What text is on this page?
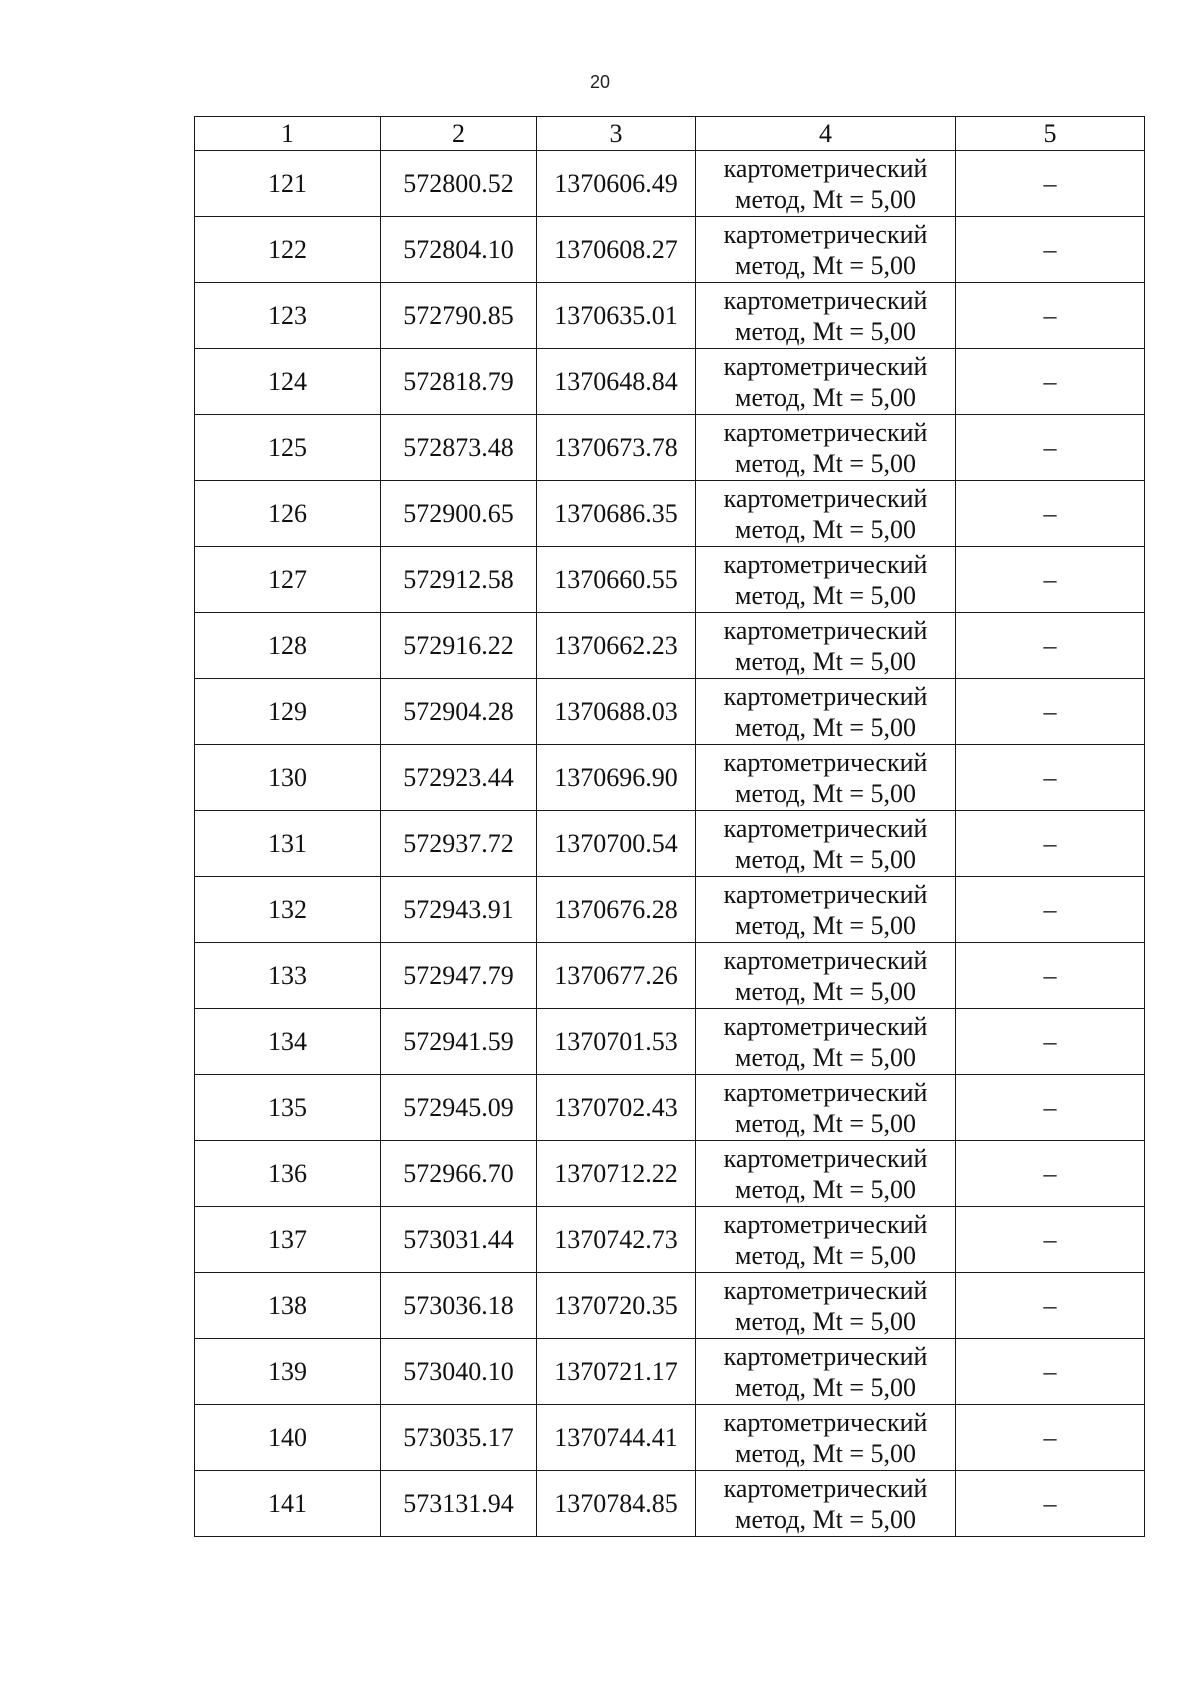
20
1	2	3	4	5
121	572800.52	1370606.49	картометрический
метод, Mt = 5,00	–
122	572804.10	1370608.27	картометрический
метод, Mt = 5,00	–
123	572790.85	1370635.01	картометрический
метод, Mt = 5,00	–
124	572818.79	1370648.84	картометрический
метод, Mt = 5,00	–
125	572873.48	1370673.78	картометрический
метод, Mt = 5,00	–
126	572900.65	1370686.35	картометрический
метод, Mt = 5,00	–
127	572912.58	1370660.55	картометрический
метод, Mt = 5,00	–
128	572916.22	1370662.23	картометрический
метод, Mt = 5,00	–
129	572904.28	1370688.03	картометрический
метод, Mt = 5,00	–
130	572923.44	1370696.90	картометрический
метод, Mt = 5,00	–
131	572937.72	1370700.54	картометрический
метод, Mt = 5,00	–
132	572943.91	1370676.28	картометрический
метод, Mt = 5,00	–
133	572947.79	1370677.26	картометрический
метод, Mt = 5,00	–
134	572941.59	1370701.53	картометрический
метод, Mt = 5,00	–
135	572945.09	1370702.43	картометрический
метод, Mt = 5,00	–
136	572966.70	1370712.22	картометрический
метод, Mt = 5,00	–
137	573031.44	1370742.73	картометрический
метод, Mt = 5,00	–
138	573036.18	1370720.35	картометрический
метод, Mt = 5,00	–
139	573040.10	1370721.17	картометрический
метод, Mt = 5,00	–
140	573035.17	1370744.41	картометрический
метод, Mt = 5,00	–
141	573131.94	1370784.85	картометрический
метод, Mt = 5,00	–
